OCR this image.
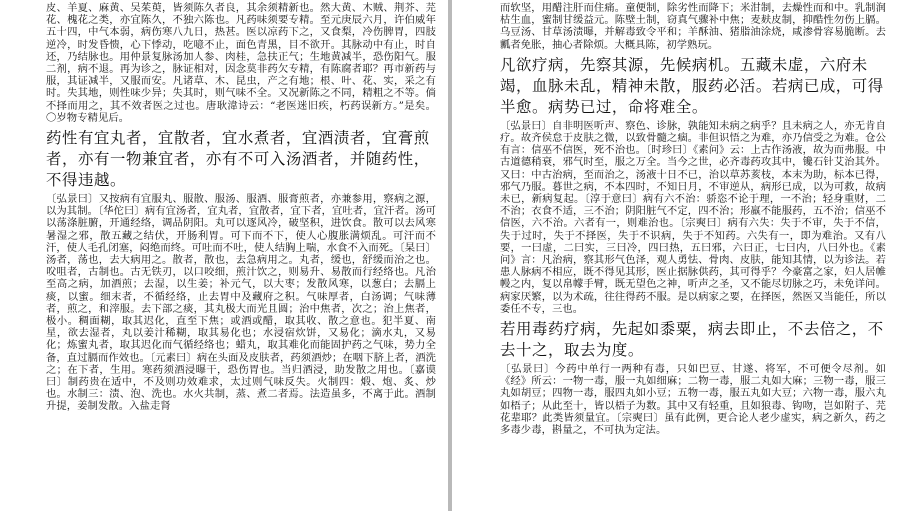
皮、羊夏、麻黄、吴茱萸，皆须陈久者良，其余须精新也。然大黄、木贼、荆芥、芫花、槐花之类，亦宜陈久，不独六陈也。凡药味须要专精。至元庚辰六月，许伯威年五十四，中气本弱，病伤寒八九日，热甚。医以凉药下之，又食梨，冷伤脾胃，四肢逆冷，时发昏愦，心下悸动，吃噫不止，面色青黑，目不欲开。其脉动中有止，时自还，乃结脉也。用仲景复脉汤加人参、肉桂，急扶正气；生地黄减半，恐伤阳气。服二剂，病不退。再为诊之，脉证相对，因念莫非药欠专精，有陈腐者耶？再市新药与服，其证减半，又服而安。凡诸草、木、昆虫，产之有地；根、叶、花、实，采之有时。失其地，则性味少异；失其时，则气味不全。又况新陈之不同，精粗之不等。倘不择而用之，其不效者医之过也。唐耿湋诗云：“老医迷旧疾，朽药误新方。”是矣。〇岁物专精见后。

药性有宜丸者，宜散者，宜水煮者，宜酒渍者，宜膏煎者，亦有一物兼宜者，亦有不可入汤酒者，并随药性，不得违越。

〔弘景曰〕又按病有宜服丸、服散、服汤、服酒、服膏煎者，亦兼参用，察病之源，以为其制。〔华佗曰〕病有宜汤者，宜丸者，宜散者，宜下者，宜吐者，宜汗者。汤可以荡涤脏腑，开通经络，调品阴阳。丸可以逐风冷，破坚积，进饮食。散可以去风寒暑湿之邪，散五藏之结伏，开肠利胃。可下而不下，使人心腹胀满烦乱。可汗而不汗，使人毛孔闭塞，闷绝而终。可吐而不吐，使人结胸上喘，水食不入而死。〔杲曰〕汤者，荡也，去大病用之。散者，散也，去急病用之。丸者，缓也，舒缓而治之也。㕮咀者，古制也。古无铁刃，以口咬细，煎汁饮之，则易升、易散而行经络也。凡治至高之病，加酒煎；去湿，以生姜；补元气，以大枣；发散风寒，以葱白；去膈上痰，以蜜。细末者，不循经络，止去胃中及藏府之积。气味厚者，白汤调；气味薄者，煎之，和滓服。去下部之痰，其丸极大而光且圆；治中焦者，次之；治上焦者，极小。稠面糊，取其迟化，直至下焦；或酒或醋，取其收、散之意也。犯半夏、南星，欲去湿者，丸以姜汁稀糊，取其易化也；水浸宿炊饼，又易化；滴水丸，又易化；炼蜜丸者，取其迟化而气循经络也；蜡丸，取其难化而能固护药之气味，势力全备，直过膈而作效也。〔元素曰〕病在头面及皮肤者，药须酒炒；在咽下脐上者，酒洗之；在下者，生用。寒药须酒浸曝干，恐伤胃也。当归酒浸，助发散之用也。〔嘉谟曰〕制药贵在适中，不及则功效难求，太过则气味反失。火制四：煅、炮、炙、炒也。水制三：渍、泡、洗也。水火共制，蒸、煮二者焉。法造虽多，不离于此。酒制升提，姜制发散。入盐走肾

而软坚，用醋注肝而住痛。童便制，除劣性而降下；米泔制，去燥性而和中。乳制润枯生血，蜜制甘缓益元。陈壁土制，窃真气骤补中焦；麦麸皮制，抑酷性勿伤上膈。乌豆汤、甘草汤渍曝，并解毒致令平和；羊酥油、猪脂油涂烧，咸渗骨容易脆断。去瓤者免胀，抽心者除烦。大概具陈，初学熟玩。

凡欲疗病，先察其源，先候病机。五藏未虚，六府未竭，血脉未乱，精神未散，服药必活。若病已成，可得半愈。病势已过，命将难全。

〔弘景曰〕自非明医听声、察色、诊脉，孰能知未病之病乎？且未病之人，亦无肯自疗。故齐侯怠于皮肤之微，以致骨髓之痼。非但识悟之为难，亦乃信受之为难。仓公有言：信巫不信医，死不治也。〔时珍曰〕《素问》云：上古作汤液，故为而弗服。中古道德稍衰，邪气时至，服之万全。当今之世，必齐毒药攻其中，镵石针艾治其外。又曰：中古治病，至而治之，汤液十日不已，治以草苏荄枝，本末为助，标本已得，邪气乃服。暮世之病，不本四时，不知日月，不审逆从，病形已成，以为可救，故病未已，新病复起。〔淳于意曰〕病有六不治：骄恣不论于理，一不治；轻身重财，二不治；衣食不适，三不治；阴阳脏气不定，四不治；形羸不能服药，五不治；信巫不信医，六不治。六者有一，则难治也。〔宗奭曰〕病有六失：失于不审，失于不信，失于过时，失于不择医，失于不识病，失于不知药。六失有一，即为难治。又有八要，一曰虚，二曰实，三曰冷，四曰热，五曰邪，六曰正，七曰内，八曰外也。《素问》言：凡治病，察其形气色泽，观人勇怯、骨肉、皮肤，能知其情，以为诊法。若患人脉病不相应，既不得见其形，医止据脉供药，其可得乎？今豪富之家，妇人居帷幔之内，复以帛幪手臂，既无望色之神，听声之圣，又不能尽切脉之巧，未免详问。病家厌繁，以为术疏，往往得药不服。是以病家之要，在择医，然医又当能任，所以委任不专，三也。

若用毒药疗病，先起如黍粟，病去即止，不去倍之，不去十之，取去为度。

〔弘景曰〕今药中单行一两种有毒，只如巴豆、甘遂、将军，不可便令尽剂。如《经》所云：一物一毒，服一丸如细麻；二物一毒，服二丸如大麻；三物一毒，服三丸如胡豆；四物一毒，服四丸如小豆；五物一毒，服五丸如大豆；六物一毒，服六丸如梧子；从此至十，皆以梧子为数。其中又有轻重，且如狼毒、钩吻，岂如附子、芫花辈耶？此类皆须量宜。〔宗奭曰〕虽有此例，更合论人老少虚实，病之新久，药之多毒少毒，斟量之，不可执为定法。
